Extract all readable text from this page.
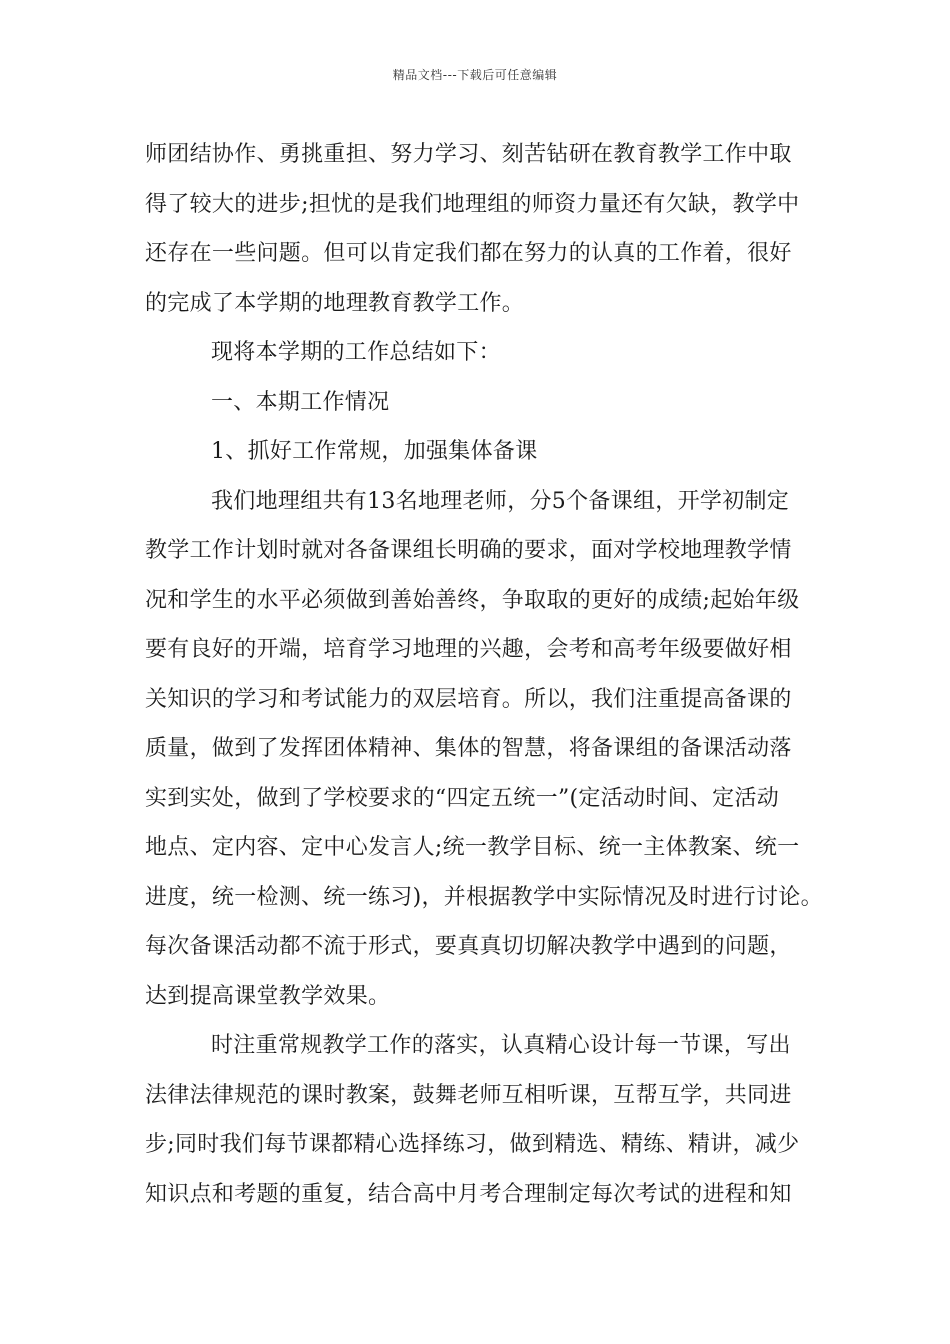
精品文档---下载后可任意编辑
师团结协作、勇挑重担、努力学习、刻苦钻研在教育教学工作中取
得了较大的进步;担忧的是我们地理组的师资力量还有欠缺，教学中
还存在一些问题。但可以肯定我们都在努力的认真的工作着，很好
的完成了本学期的地理教育教学工作。
现将本学期的工作总结如下：
一、本期工作情况
1、抓好工作常规，加强集体备课
我们地理组共有13名地理老师，分5个备课组，开学初制定
教学工作计划时就对各备课组长明确的要求，面对学校地理教学情
况和学生的水平必须做到善始善终，争取取的更好的成绩;起始年级
要有良好的开端，培育学习地理的兴趣，会考和高考年级要做好相
关知识的学习和考试能力的双层培育。所以，我们注重提高备课的
质量，做到了发挥团体精神、集体的智慧，将备课组的备课活动落
实到实处，做到了学校要求的“四定五统一”(定活动时间、定活动
地点、定内容、定中心发言人;统一教学目标、统一主体教案、统一
进度，统一检测、统一练习)，并根据教学中实际情况及时进行讨论。
每次备课活动都不流于形式，要真真切切解决教学中遇到的问题，
达到提高课堂教学效果。
时注重常规教学工作的落实，认真精心设计每一节课，写出
法律法律规范的课时教案，鼓舞老师互相听课，互帮互学，共同进
步;同时我们每节课都精心选择练习，做到精选、精练、精讲，减少
知识点和考题的重复，结合高中月考合理制定每次考试的进程和知
